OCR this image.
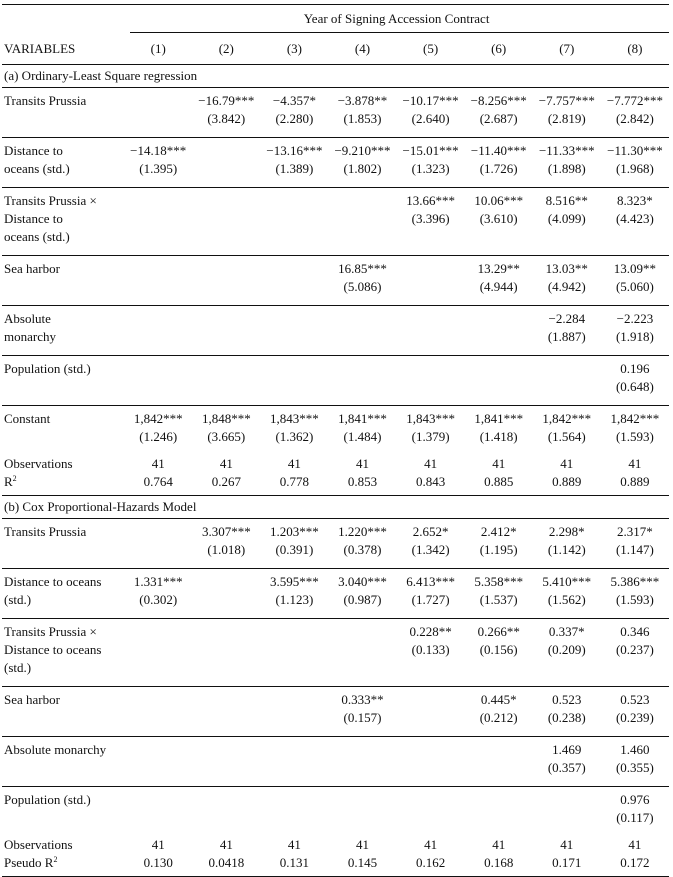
	Year of Signing Accession Contract							

VARIABLES	(1)	(2)	(3)	(4)	(5)	(6)	(7)	(8)
(a) Ordinary-Least Square regression								
Transits Prussia		−16.79***	−4.357*	−3.878**	−10.17***	−8.256***	−7.757***	−7.772***
		(3.842)	(2.280)	(1.853)	(2.640)	(2.687)	(2.819)	(2.842)

Distance to	−14.18***		−13.16***	−9.210***	−15.01***	−11.40***	−11.33***	−11.30***
oceans (std.)	(1.395)		(1.389)	(1.802)	(1.323)	(1.726)	(1.898)	(1.968)

Transits Prussia ×					13.66***	10.06***	8.516**	8.323*
Distance to					(3.396)	(3.610)	(4.099)	(4.423)
oceans (std.)								

Sea harbor				16.85***		13.29**	13.03**	13.09**
				(5.086)		(4.944)	(4.942)	(5.060)

Absolute							−2.284	−2.223
monarchy							(1.887)	(1.918)

Population (std.)								0.196
								(0.648)

Constant	1,842***	1,848***	1,843***	1,841***	1,843***	1,841***	1,842***	1,842***
	(1.246)	(3.665)	(1.362)	(1.484)	(1.379)	(1.418)	(1.564)	(1.593)

Observations	41	41	41	41	41	41	41	41
$R^2$	0.764	0.267	0.778	0.853	0.843	0.885	0.889	0.889
(b) Cox Proportional-Hazards Model								
Transits Prussia		3.307***	1.203***	1.220***	2.652*	2.412*	2.298*	2.317*
		(1.018)	(0.391)	(0.378)	(1.342)	(1.195)	(1.142)	(1.147)

Distance to oceans	1.331***		3.595***	3.040***	6.413***	5.358***	5.410***	5.386***
(std.)	(0.302)		(1.123)	(0.987)	(1.727)	(1.537)	(1.562)	(1.593)

Transits Prussia ×					0.228**	0.266**	0.337*	0.346
Distance to oceans					(0.133)	(0.156)	(0.209)	(0.237)
(std.)								

Sea harbor				0.333**		0.445*	0.523	0.523
				(0.157)		(0.212)	(0.238)	(0.239)

Absolute monarchy							1.469	1.460
							(0.357)	(0.355)

Population (std.)								0.976
								(0.117)

Observations	41	41	41	41	41	41	41	41
Pseudo $R^2$	0.130	0.0418	0.131	0.145	0.162	0.168	0.171	0.172
